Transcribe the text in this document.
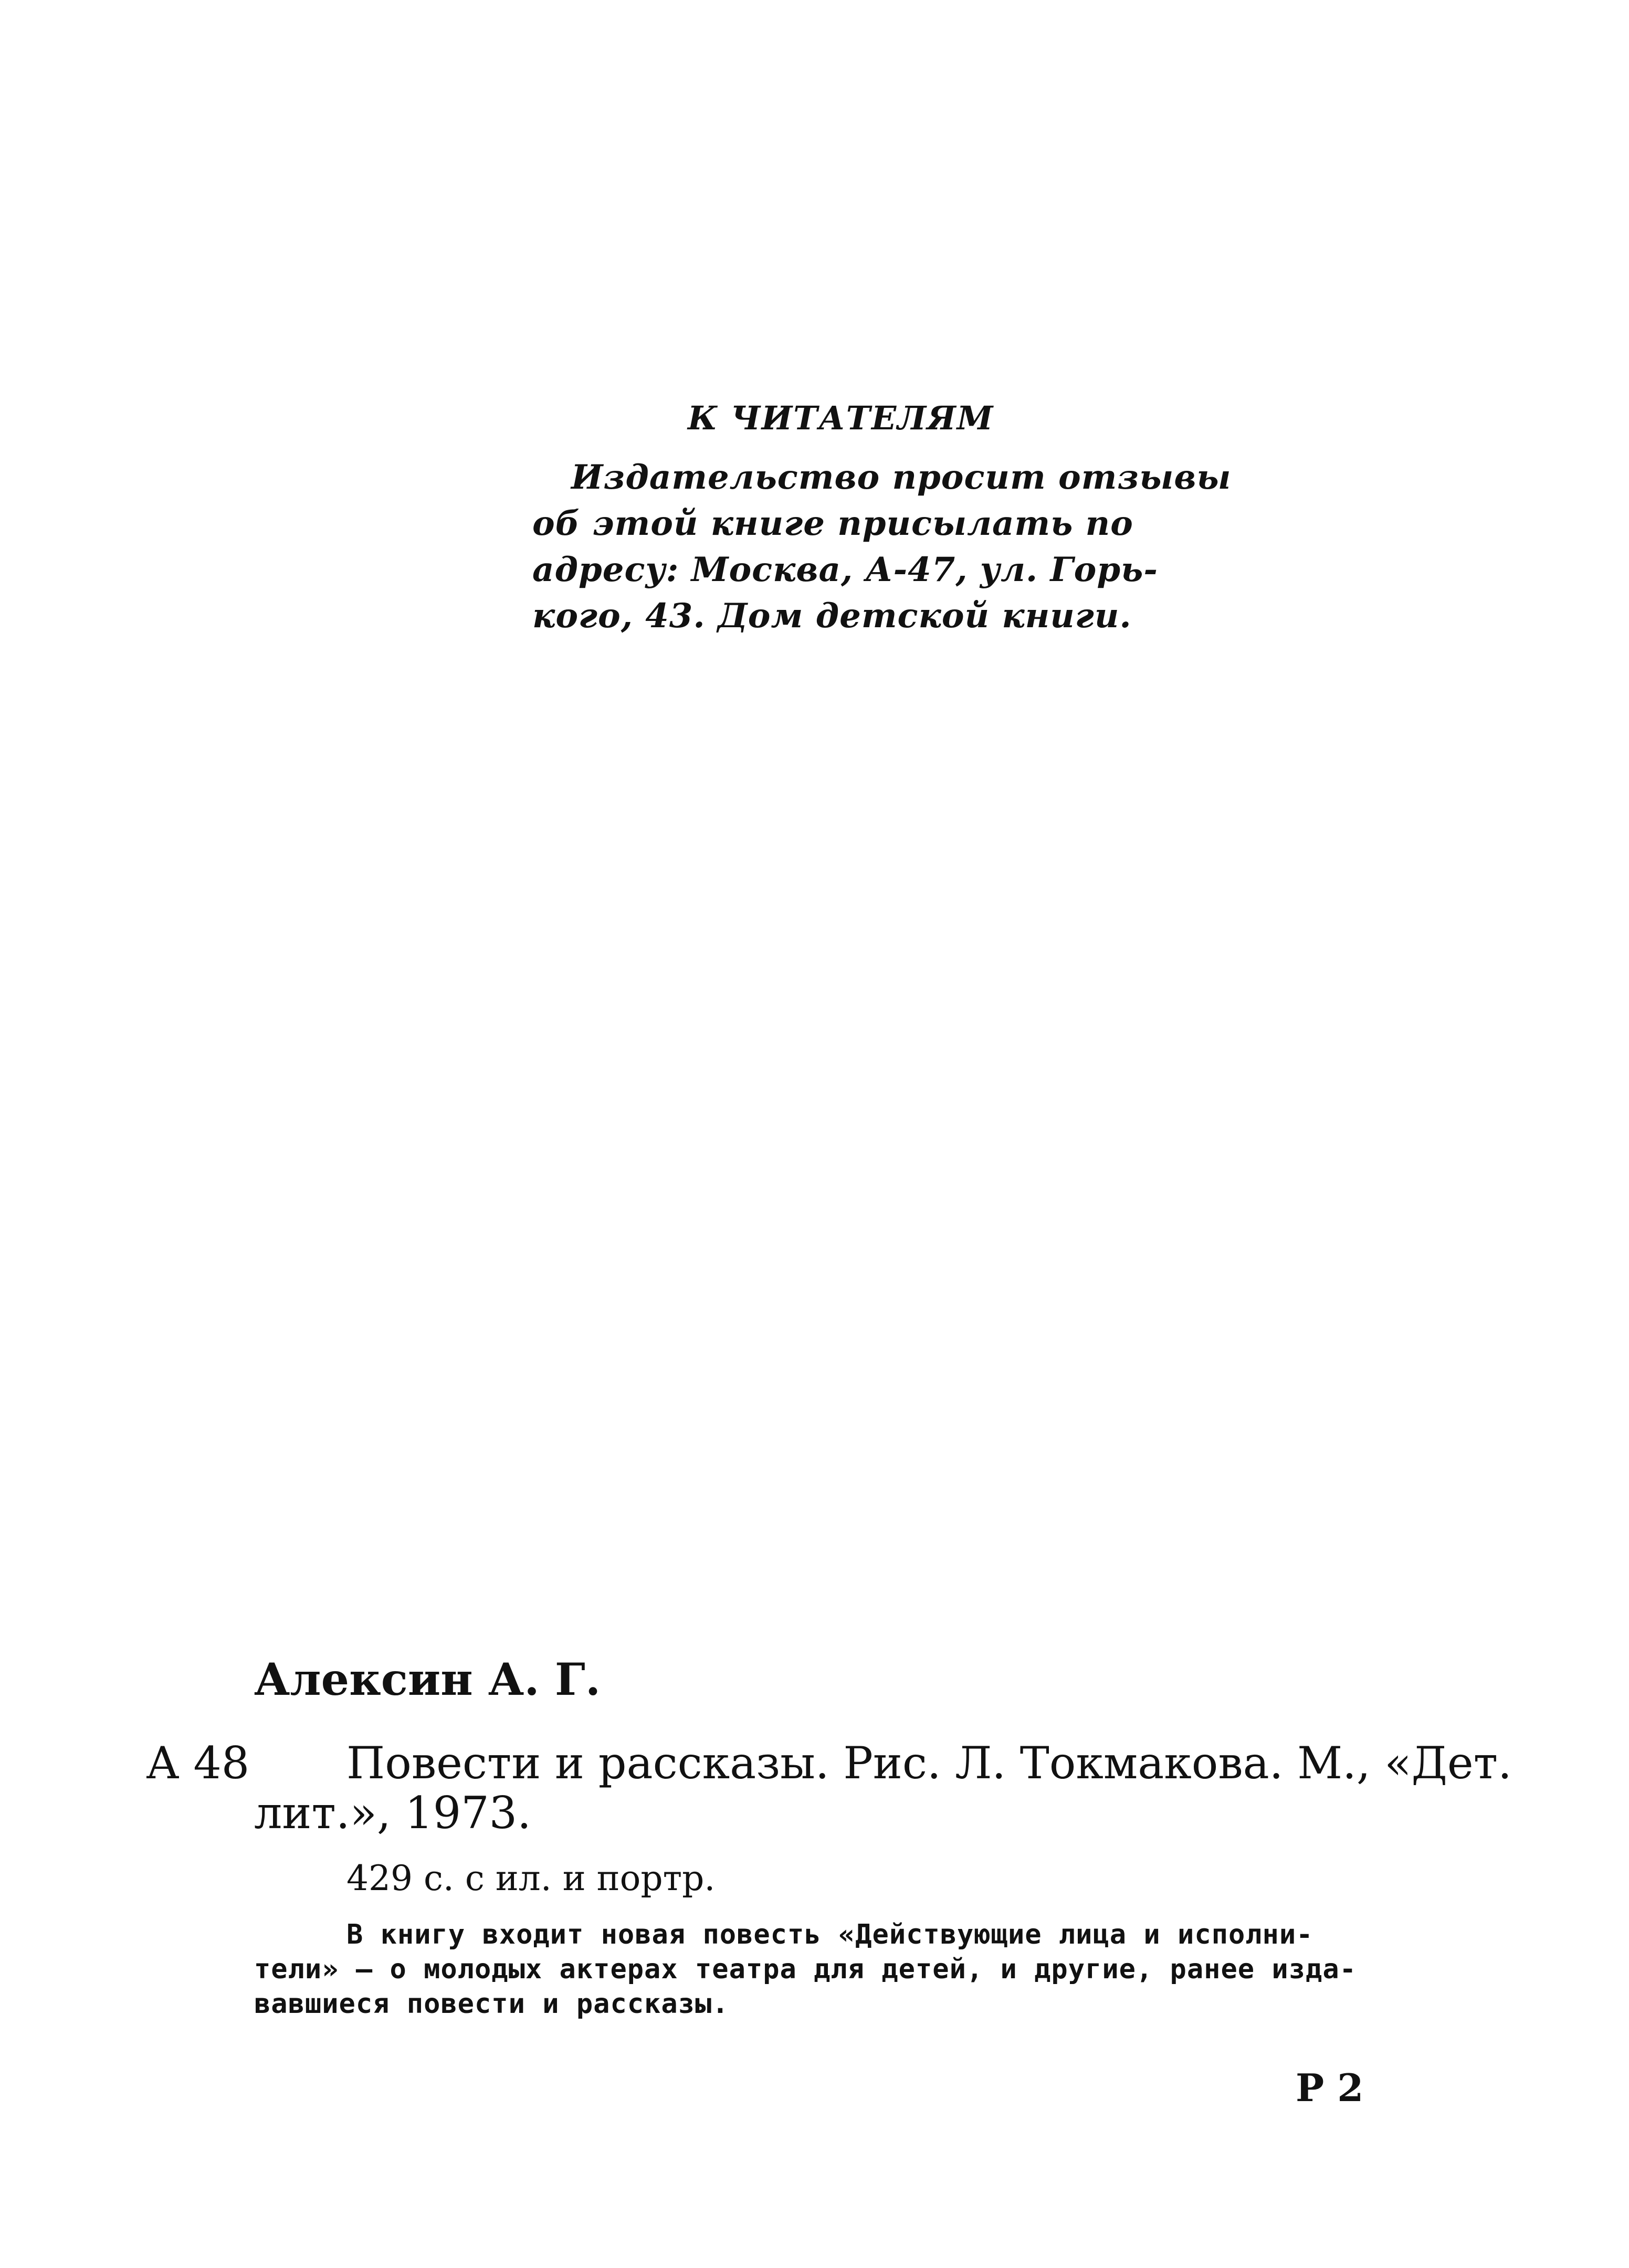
К ЧИТАТЕЛЯМ
Издательство просит отзывы
об этой книге присылать по
адресу: Москва, А-47, ул. Горь-
кого, 43. Дом детской книги.
Алексин А. Г.
А 48 Повести и рассказы. Рис. Л. Токмакова. М., «Дет.
лит.», 1973.
429 с. с ил. и портр.
В книгу входит новая повесть «Действующие лица и исполни-
тели» — о молодых актерах театра для детей, и другие, ранее изда-
вавшиеся повести и рассказы.
Р 2
